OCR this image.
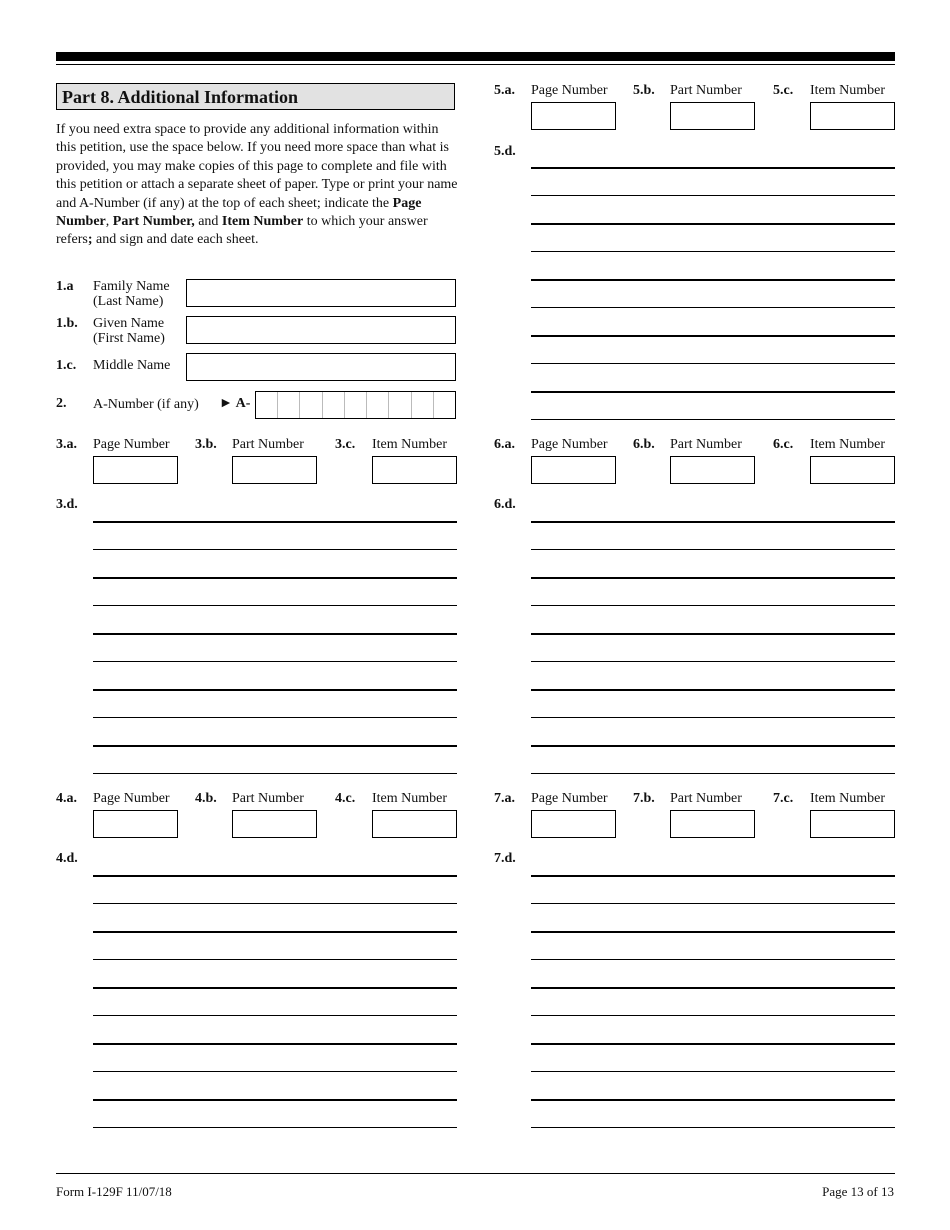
Part 8. Additional Information
If you need extra space to provide any additional information within this petition, use the space below. If you need more space than what is provided, you may make copies of this page to complete and file with this petition or attach a separate sheet of paper. Type or print your name and A-Number (if any) at the top of each sheet; indicate the Page Number, Part Number, and Item Number to which your answer refers; and sign and date each sheet.
1.a Family Name
(Last Name)
1.b. Given Name
(First Name)
1.c. Middle Name
2. A-Number (if any) ► A-
3.a. Page Number 3.b. Part Number 3.c. Item Number
3.d.
4.a. Page Number 4.b. Part Number 4.c. Item Number
4.d.
5.a. Page Number 5.b. Part Number 5.c. Item Number
5.d.
6.a. Page Number 6.b. Part Number 6.c. Item Number
6.d.
7.a. Page Number 7.b. Part Number 7.c. Item Number
7.d.
Form I-129F 11/07/18	Page 13 of 13
